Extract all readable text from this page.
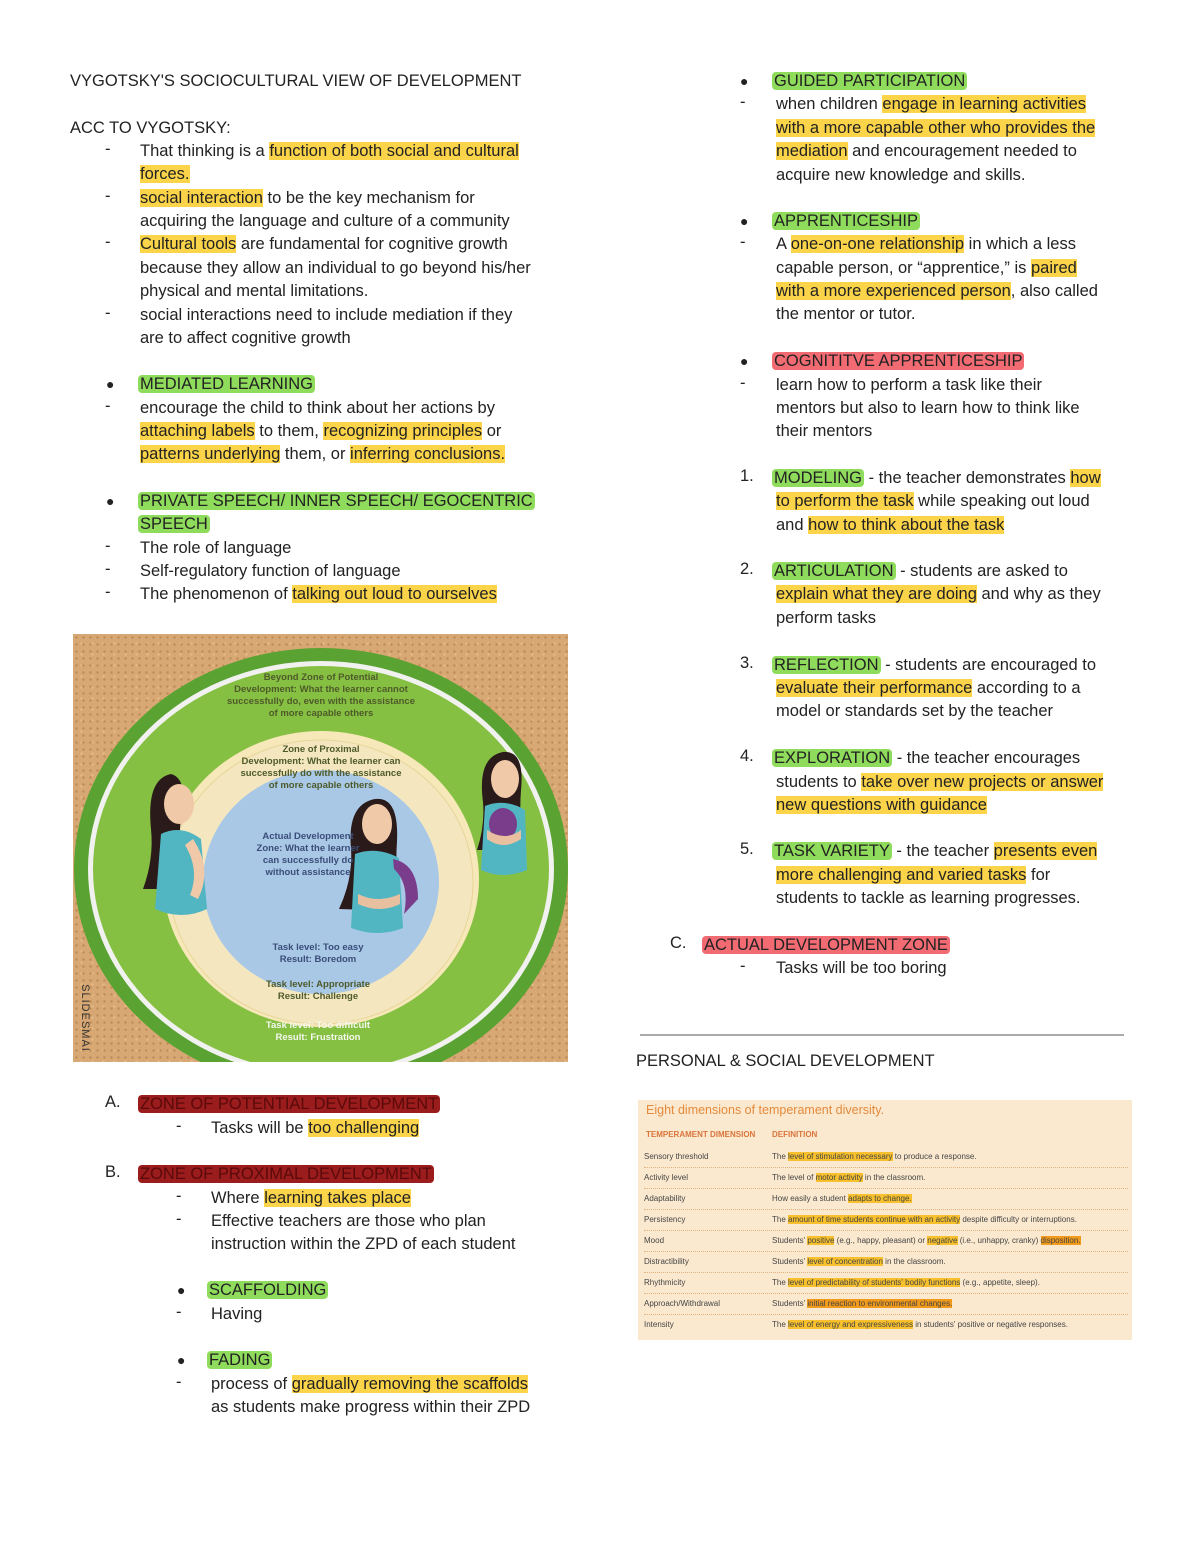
VYGOTSKY'S SOCIOCULTURAL VIEW OF DEVELOPMENT
ACC TO VYGOTSKY:
- That thinking is a function of both social and cultural
forces.
- social interaction to be the key mechanism for
acquiring the language and culture of a community
- Cultural tools are fundamental for cognitive growth
because they allow an individual to go beyond his/her
physical and mental limitations.
- social interactions need to include mediation if they
are to affect cognitive growth
● MEDIATED LEARNING
- encourage the child to think about her actions by
attaching labels to them, recognizing principles or
patterns underlying them, or inferring conclusions.
● PRIVATE SPEECH/ INNER SPEECH/ EGOCENTRIC
SPEECH
- The role of language
- Self-regulatory function of language
- The phenomenon of talking out loud to ourselves
Beyond Zone of Potential
Development: What the learner cannot
successfully do, even with the assistance
of more capable others
Zone of Proximal
Development: What the learner can
successfully do with the assistance
of more capable others
Actual Development
Zone: What the learner
can successfully do
without assistance
Task level: Too easy
Result: Boredom
Task level: Appropriate
Result: Challenge
Task level: Too difficult
Result: Frustration
SLIDESMAI
A. ZONE OF POTENTIAL DEVELOPMENT
- Tasks will be too challenging
B. ZONE OF PROXIMAL DEVELOPMENT
- Where learning takes place
- Effective teachers are those who plan
instruction within the ZPD of each student
● SCAFFOLDING
- Having
● FADING
- process of gradually removing the scaffolds
as students make progress within their ZPD
● GUIDED PARTICIPATION
- when children engage in learning activities
with a more capable other who provides the
mediation and encouragement needed to
acquire new knowledge and skills.
● APPRENTICESHIP
- A one-on-one relationship in which a less
capable person, or “apprentice,” is paired
with a more experienced person, also called
the mentor or tutor.
● COGNITITVE APPRENTICESHIP
- learn how to perform a task like their
mentors but also to learn how to think like
their mentors
1. MODELING - the teacher demonstrates how
to perform the task while speaking out loud
and how to think about the task
2. ARTICULATION - students are asked to
explain what they are doing and why as they
perform tasks
3. REFLECTION - students are encouraged to
evaluate their performance according to a
model or standards set by the teacher
4. EXPLORATION - the teacher encourages
students to take over new projects or answer
new questions with guidance
5. TASK VARIETY - the teacher presents even
more challenging and varied tasks for
students to tackle as learning progresses.
C. ACTUAL DEVELOPMENT ZONE
- Tasks will be too boring
PERSONAL & SOCIAL DEVELOPMENT
Eight dimensions of temperament diversity.
TEMPERAMENT DIMENSION DEFINITION
Sensory threshold	The level of stimulation necessary to produce a response.
Activity level	The level of motor activity in the classroom.
Adaptability	How easily a student adapts to change.
Persistency	The amount of time students continue with an activity despite difficulty or interruptions.
Mood	Students' positive (e.g., happy, pleasant) or negative (i.e., unhappy, cranky) disposition.
Distractibility	Students' level of concentration in the classroom.
Rhythmicity	The level of predictability of students' bodily functions (e.g., appetite, sleep).
Approach/Withdrawal	Students' initial reaction to environmental changes.
Intensity	The level of energy and expressiveness in students' positive or negative responses.
